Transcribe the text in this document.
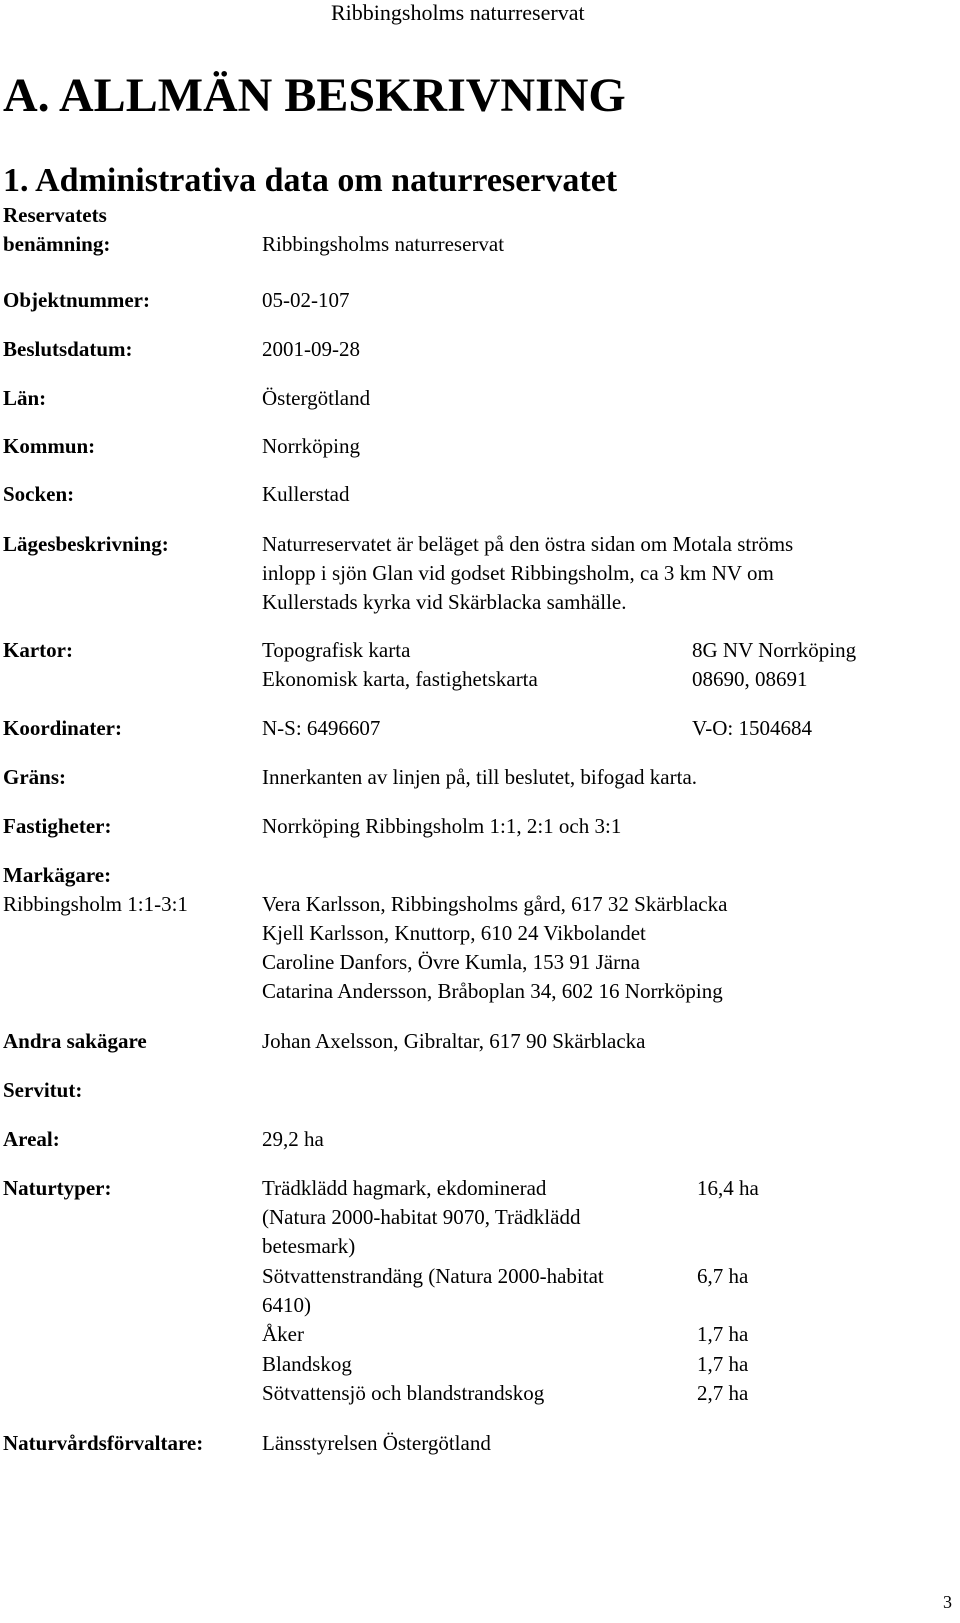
Ribbingsholms naturreservat
A. ALLMÄN BESKRIVNING
1. Administrativa data om naturreservatet
Reservatets
benämning:	Ribbingsholms naturreservat
Objektnummer:	05-02-107
Beslutsdatum:	2001-09-28
Län:	Östergötland
Kommun:	Norrköping
Socken:	Kullerstad
Lägesbeskrivning:	Naturreservatet är beläget på den östra sidan om Motala ströms
inlopp i sjön Glan vid godset Ribbingsholm, ca 3 km NV om
Kullerstads kyrka vid Skärblacka samhälle.
Kartor:	Topografisk karta	8G NV Norrköping
Ekonomisk karta, fastighetskarta	08690, 08691
Koordinater:	N-S: 6496607	V-O: 1504684
Gräns:	Innerkanten av linjen på, till beslutet, bifogad karta.
Fastigheter:	Norrköping Ribbingsholm 1:1, 2:1 och 3:1
Markägare:
Ribbingsholm 1:1-3:1	Vera Karlsson, Ribbingsholms gård, 617 32 Skärblacka
Kjell Karlsson, Knuttorp, 610 24 Vikbolandet
Caroline Danfors, Övre Kumla, 153 91 Järna
Catarina Andersson, Bråboplan 34, 602 16 Norrköping
Andra sakägare	Johan Axelsson, Gibraltar, 617 90 Skärblacka
Servitut:
Areal:	29,2 ha
Naturtyper:	Trädklädd hagmark, ekdominerad	16,4 ha
(Natura 2000-habitat 9070, Trädklädd
betesmark)
Sötvattenstrandäng (Natura 2000-habitat	6,7 ha
6410)
Åker	1,7 ha
Blandskog	1,7 ha
Sötvattensjö och blandstrandskog	2,7 ha
Naturvårdsförvaltare:	Länsstyrelsen Östergötland
3
